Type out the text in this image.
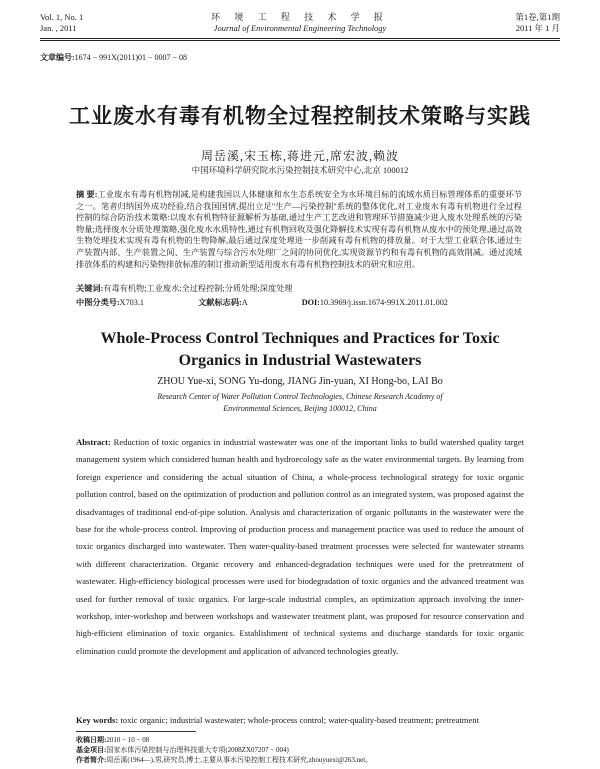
Vol. 1, No. 1
Jan. , 2011
环 境 工 程 技 术 学 报
Journal of Environmental Engineering Technology
第1卷,第1期
2011 年 1 月
文章编号:1674 − 991X(2011)01 − 0007 − 08
工业废水有毒有机物全过程控制技术策略与实践
周岳溪,宋玉栋,蒋进元,席宏波,赖波
中国环境科学研究院水污染控制技术研究中心,北京 100012
摘 要:工业废水有毒有机物削减,是构建我国以人体健康和水生态系统安全为水环境目标的流域水质目标管理体系的重要环节之一。笔者归纳国外成功经验,结合我国国情,提出立足"生产—污染控制"系统的整体优化,对工业废水有毒有机物进行全过程控制的综合防治技术策略:以废水有机物特征源解析为基础,通过生产工艺改进和管理环节措施减少进入废水处理系统的污染物量;选择废水分质处理策略,强化废水水质特性,通过有机物回收及强化降解技术实现有毒有机物从废水中的预处理,通过高效生物处理技术实现有毒有机物的生物降解,最后通过深度处理进一步削减有毒有机物的排放量。对于大型工业联合体,通过生产装置内部、生产装置之间、生产装置与综合污水处理厂之间的协同优化,实现资源节约和有毒有机物的高效削减。通过流域排放体系的构建和污染物排放标准的制订推动新型适用废水有毒有机物控制技术的研究和应用。
关键词:有毒有机物;工业废水;全过程控制;分质处理;深度处理
中图分类号:X703.1	文献标志码:A	DOI:10.3969/j.issn.1674-991X.2011.01.002
Whole-Process Control Techniques and Practices for Toxic
Organics in Industrial Wastewaters
ZHOU Yue-xi, SONG Yu-dong, JIANG Jin-yuan, XI Hong-bo, LAI Bo
Research Center of Water Pollution Control Technologies, Chinese Research Academy of
Environmental Sciences, Beijing 100012, China
Abstract: Reduction of toxic organics in industrial wastewater was one of the important links to build watershed quality target management system which considered human health and hydroecology safe as the water environmental targets. By learning from foreign experience and considering the actual situation of China, a whole-process technological strategy for toxic organic pollution control, based on the optimization of production and pollution control as an integrated system, was proposed against the disadvantages of traditional end-of-pipe solution. Analysis and characterization of organic pollutants in the wastewater were the base for the whole-process control. Improving of production process and management practice was used to reduce the amount of toxic organics discharged into wastewater. Then water-quality-based treatment processes were selected for wastewater streams with different characterization. Organic recovery and enhanced-degradation techniques were used for the pretreatment of wastewater. High-efficiency biological processes were used for biodegradation of toxic organics and the advanced treatment was used for further removal of toxic organics. For large-scale industrial complex, an optimization approach involving the inner-workshop, inter-workshop and between workshops and wastewater treatment plant, was proposed for resource conservation and high-efficient elimination of toxic organics. Establishment of technical systems and discharge standards for toxic organic elimination could promote the development and application of advanced technologies greatly.
Key words: toxic organic; industrial wastewater; whole-process control; water-quality-based treatment; pretreatment
收稿日期:2010 − 10 − 08
基金项目:国家水体污染控制与治理科技重大专项(2008ZX07207 − 004)
作者简介:周岳溪(1964—),男,研究员,博士,主要从事水污染控制工程技术研究,zhouyuexi@263.net。
